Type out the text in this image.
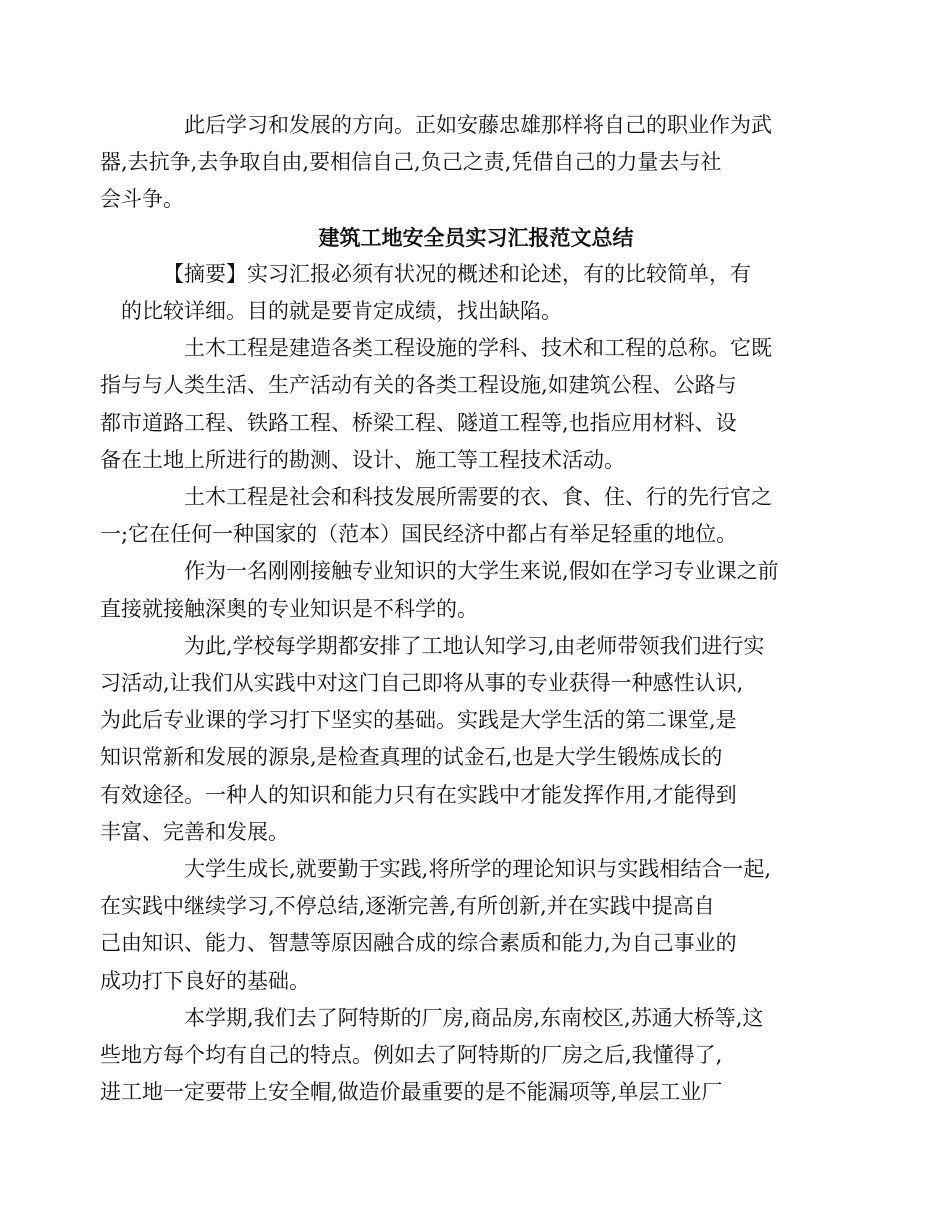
此后学习和发展的方向。正如安藤忠雄那样将自己的职业作为武
器,去抗争,去争取自由,要相信自己,负己之责,凭借自己的力量去与社
会斗争。

建筑工地安全员实习汇报范文总结

【摘要】实习汇报必须有状况的概述和论述，有的比较简单，有
的比较详细。目的就是要肯定成绩，找出缺陷。

土木工程是建造各类工程设施的学科、技术和工程的总称。它既
指与与人类生活、生产活动有关的各类工程设施,如建筑公程、公路与
都市道路工程、铁路工程、桥梁工程、隧道工程等,也指应用材料、设
备在土地上所进行的勘测、设计、施工等工程技术活动。

土木工程是社会和科技发展所需要的衣、食、住、行的先行官之
一;它在任何一种国家的（范本）国民经济中都占有举足轻重的地位。

作为一名刚刚接触专业知识的大学生来说,假如在学习专业课之前
直接就接触深奥的专业知识是不科学的。

为此,学校每学期都安排了工地认知学习,由老师带领我们进行实
习活动,让我们从实践中对这门自己即将从事的专业获得一种感性认识,
为此后专业课的学习打下坚实的基础。实践是大学生活的第二课堂,是
知识常新和发展的源泉,是检查真理的试金石,也是大学生锻炼成长的
有效途径。一种人的知识和能力只有在实践中才能发挥作用,才能得到
丰富、完善和发展。

大学生成长,就要勤于实践,将所学的理论知识与实践相结合一起,
在实践中继续学习,不停总结,逐渐完善,有所创新,并在实践中提高自
己由知识、能力、智慧等原因融合成的综合素质和能力,为自己事业的
成功打下良好的基础。

本学期,我们去了阿特斯的厂房,商品房,东南校区,苏通大桥等,这
些地方每个均有自己的特点。例如去了阿特斯的厂房之后,我懂得了,
进工地一定要带上安全帽,做造价最重要的是不能漏项等,单层工业厂
